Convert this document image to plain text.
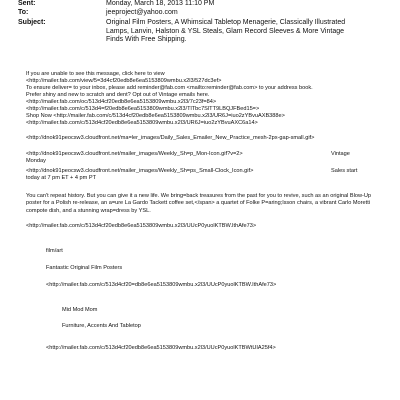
Sent:	Monday, March 18, 2013 11:10 PM
To:	jeeproject@yahoo.com
Subject:	Original Film Posters, A Whimsical Tabletop Menagerie, Classically Illustrated Lamps, Lanvin, Halston & YSL Steals, Glam Record Sleeves & More Vintage Finds With Free Shipping.
If you are unable to see this message, click here to view
<http://mailer.fab.com/view/5=3d4cf20edb8e6ea5153809wmbu.x2l3/527dc3ef>
To ensure deliver= to your inbox, please add reminder@fab.com <mailto:reminder@fab.com> to your address book.
Prefer shiny and new to scratch and dent? Opt out of Vintage emails here.
<http://mailer.fab.com/oc/513d4cf20edb8e6ea5153809wmbu.x2l3/7c23f=84>
<http://mailer.fab.com/c/513d4=f20edb8e6ea5153809wmbu.x2l3/TlTbc7SlTT9LBQJFBed15=>
Shop Now <http://mailer.fab.com/c/513d4cf20edb8e6ea5153809wmbu.x2l3/UR6J=iuo2zYBvuAXB388e>
<http://mailer.fab.com/c/513d4cf20edb8e6ea5153809wmbu.x2l3/UR6J=iuo2zYBvuAXC6a14>
<http://dnok91peocsw3.cloudfront.net/ma=ler_images/Daily_Sales_Emailer_New_Practice_mesh-2px-gap-small.gif>
<http://dnok91peocsw3.cloudfront.net/mailer_images/Weekly_Sh=p_Mon-Icon.gif?v=2>	Vintage
Monday
<http://dnok91peocsw3.cloudfront.net/mailer_images/Weekly_Sh=ps_Small-Clock_Icon.gif>	Sales start
today at 7 pm ET + 4 pm PT
You can't repeat history. But you can give it a new life. We bring=back treasures from the past for you to revive, such as an original Blow-Up poster for a Polish re-release, an a=ure La Gardo Tackett coffee set,</span> a quartet of Folke P=aring;lsson chairs, a vibrant Carlo Moretti compote dish, and a stunning wrap=dress by YSL.
<http://mailer.fab.com/c/513d4cf20edb8e6ea5153809wmbu.x2l3/UUcP0yuolKTBW.IthAfe73>
film/art
Fantastic Original Film Posters
<http://mailer.fab.com/c/513d4cf20=db8e6ea5153809wmbu.x2l3/UUcP0yuolKTBW.IthAfe73>
Mid Mod Mom
Furniture, Accents And Tabletop
<http://mailer.fab.com/c/513d4cf20edb8e6ea5153809wmbu.x2l3/UUcP0yuolKTBWtUIA25f4>
